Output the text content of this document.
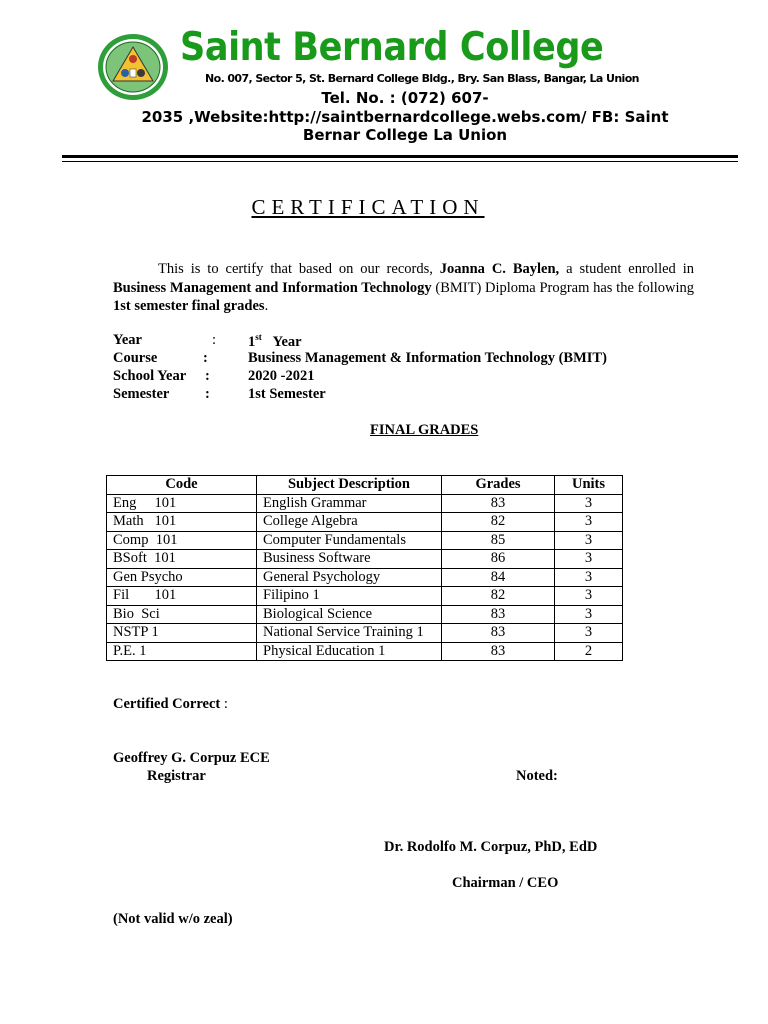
Saint Bernard College
No. 007, Sector 5, St. Bernard College Bldg., Bry. San Blass, Bangar, La Union
Tel. No. : (072) 607-
2035 ,Website:http://saintbernardcollege.webs.com/ FB: Saint
Bernar College La Union
CERTIFICATION
This is to certify that based on our records, Joanna C. Baylen, a student enrolled in Business Management and Information Technology (BMIT) Diploma Program has the following 1st semester final grades.
Year	: 1st Year
Course	:	Business Management & Information Technology (BMIT)
School Year :	2020 -2021
Semester :	1st Semester
FINAL GRADES
Code	Subject Description	Grades	Units
Eng     101	English Grammar	83	3
Math   101	College Algebra	82	3
Comp  101	Computer Fundamentals	85	3
BSoft  101	Business Software	86	3
Gen Psycho	General Psychology	84	3
Fil       101	Filipino 1	82	3
Bio  Sci	Biological Science	83	3
NSTP 1	National Service Training 1	83	3
P.E. 1	Physical Education 1	83	2
Certified Correct :
Geoffrey G. Corpuz ECE
Registrar	Noted:
Dr. Rodolfo M. Corpuz, PhD, EdD
Chairman / CEO
(Not valid w/o zeal)
